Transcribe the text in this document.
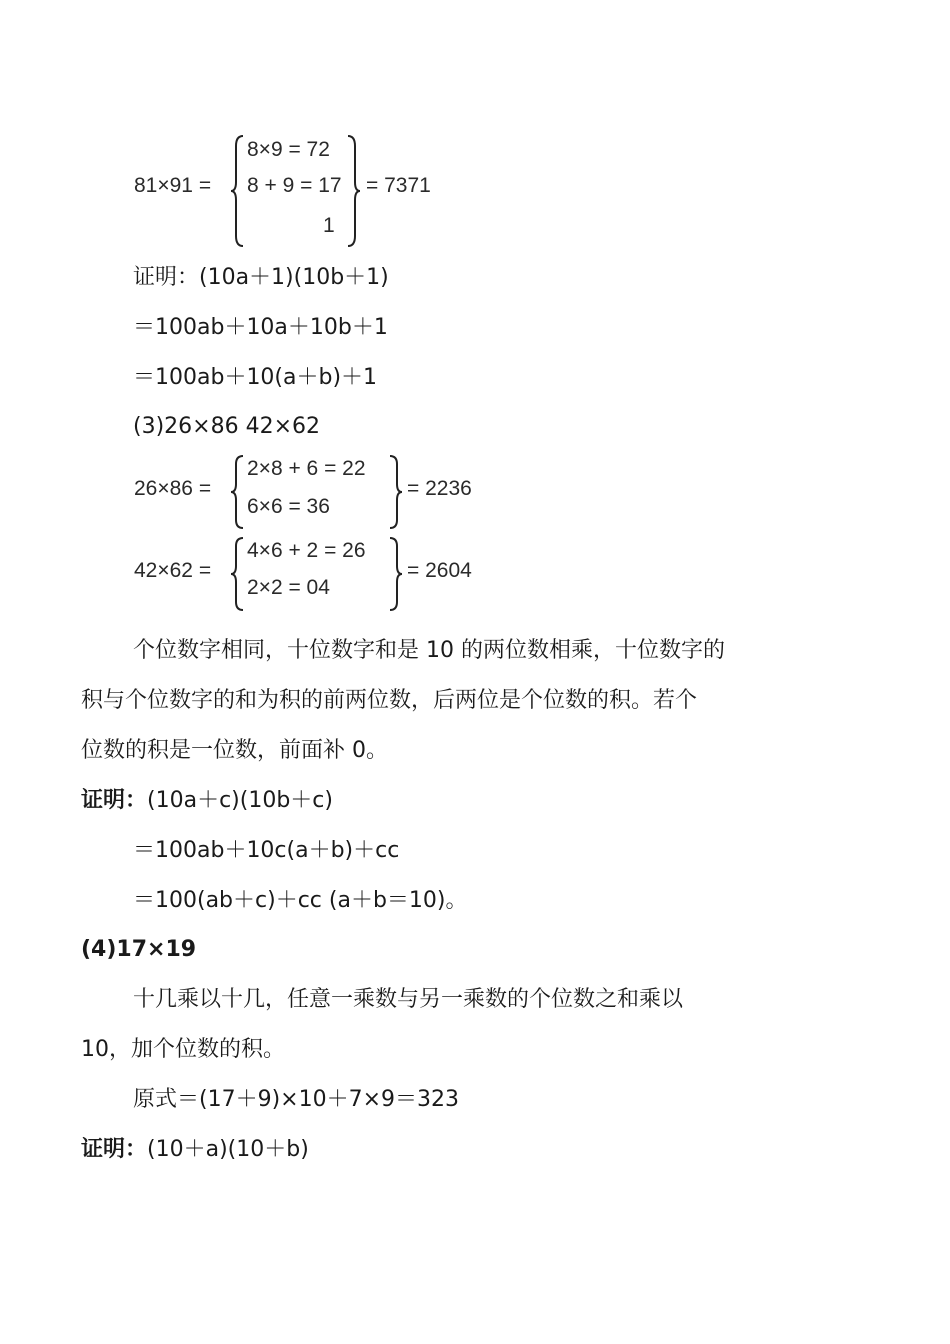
81×91 =
8×9 = 72
8 + 9 = 17
1
= 7371
证明：(10a＋1)(10b＋1)
＝100ab＋10a＋10b＋1
＝100ab＋10(a＋b)＋1
(3)26×86 42×62
26×86 =
2×8 + 6 = 22
6×6 = 36
= 2236
42×62 =
4×6 + 2 = 26
2×2 = 04
= 2604
个位数字相同，十位数字和是 10 的两位数相乘，十位数字的
积与个位数字的和为积的前两位数，后两位是个位数的积。若个
位数的积是一位数，前面补 0。
证明：(10a＋c)(10b＋c)
＝100ab＋10c(a＋b)＋cc
＝100(ab＋c)＋cc (a＋b＝10)。
(4)17×19
十几乘以十几，任意一乘数与另一乘数的个位数之和乘以
10，加个位数的积。
原式＝(17＋9)×10＋7×9＝323
证明：(10＋a)(10＋b)
